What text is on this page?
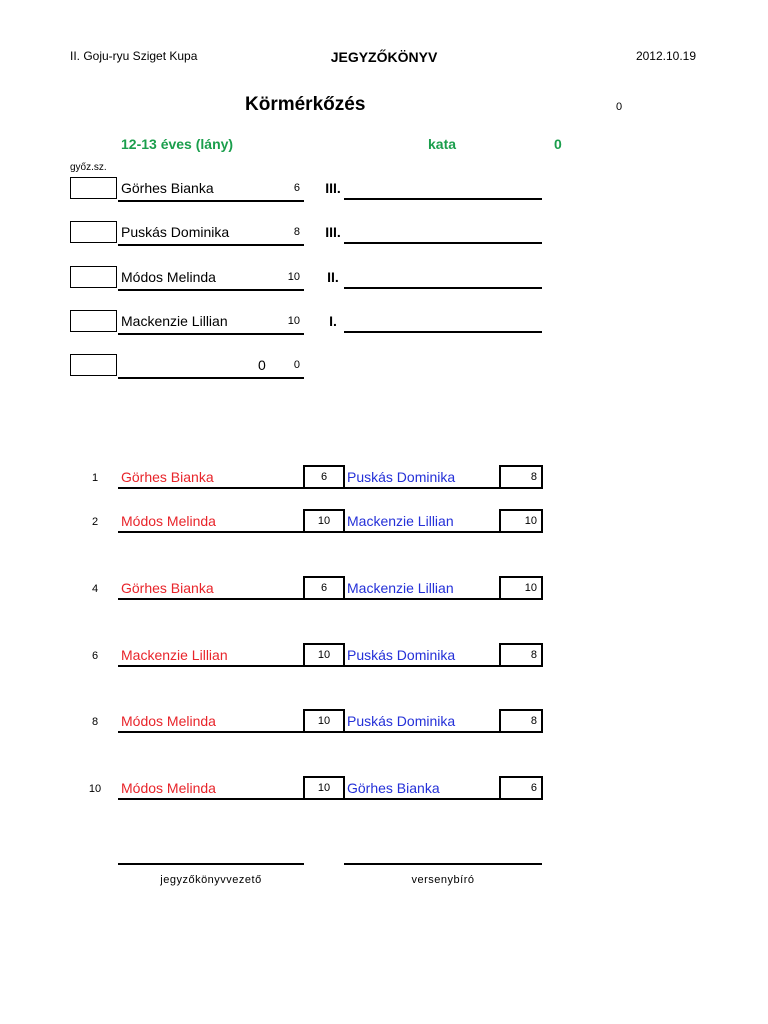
II. Goju-ryu Sziget Kupa	JEGYZŐKÖNYV	2012.10.19
Körmérkőzés	0
12-13 éves (lány)	kata	0
győz.sz.
Görhes Bianka	6	III.
Puskás Dominika	8	III.
Módos Melinda	10	II.
Mackenzie Lillian	10	I.
0	0
1	Görhes Bianka	6	Puskás Dominika	8
2	Módos Melinda	10	Mackenzie Lillian	10
4	Görhes Bianka	6	Mackenzie Lillian	10
6	Mackenzie Lillian	10	Puskás Dominika	8
8	Módos Melinda	10	Puskás Dominika	8
10	Módos Melinda	10	Görhes Bianka	6
jegyzőkönyvvezető	versenybíró
